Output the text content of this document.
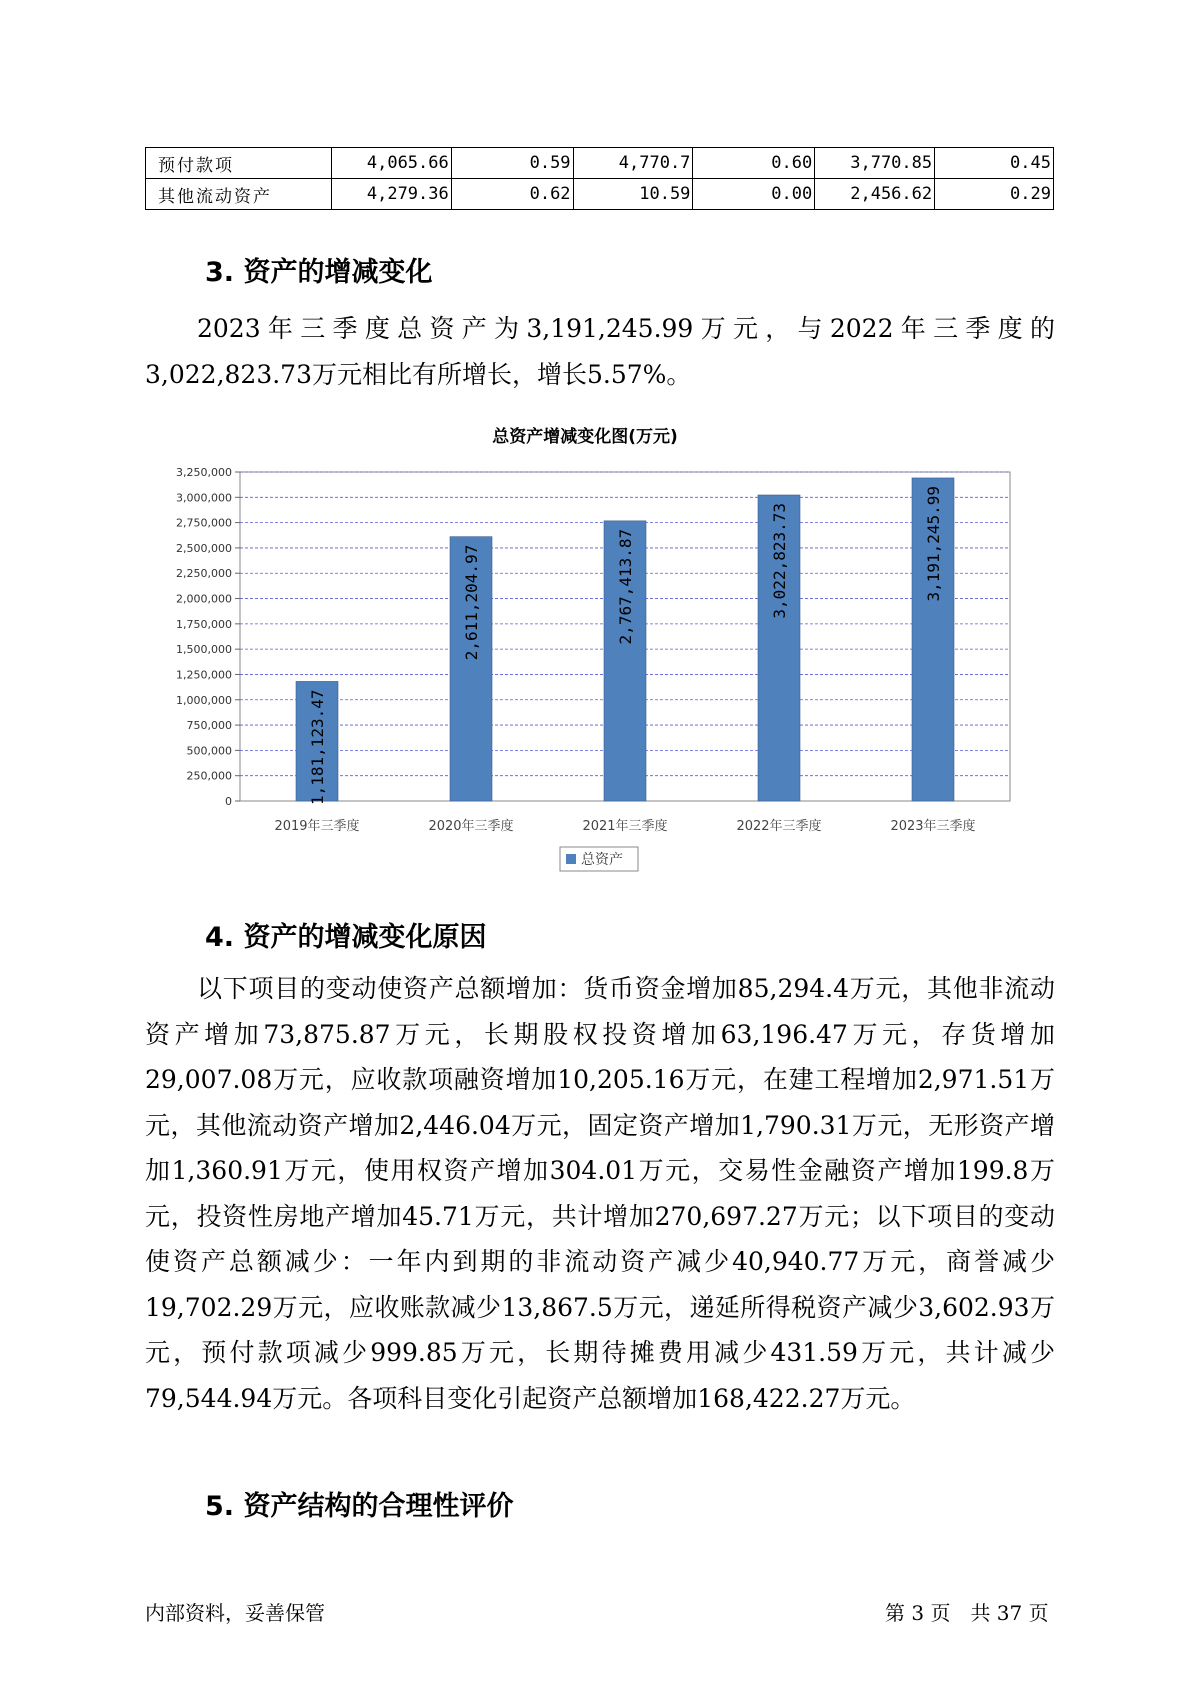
预付款项	4,065.66	0.59	4,770.7	0.60	3,770.85	0.45
其他流动资产	4,279.36	0.62	10.59	0.00	2,456.62	0.29
3. 资产的增减变化

2023年三季度总资产为3,191,245.99万元，与2022年三季度的3,022,823.73万元相比有所增长，增长5.57%。

总资产增减变化图(万元)
0
250,000
500,000
750,000
1,000,000
1,250,000
1,500,000
1,750,000
2,000,000
2,250,000
2,500,000
2,750,000
3,000,000
3,250,000
1,181,123.47
2019年三季度
2,611,204.97
2020年三季度
2,767,413.87
2021年三季度
3,022,823.73
2022年三季度
3,191,245.99
2023年三季度
总资产
4. 资产的增减变化原因

以下项目的变动使资产总额增加：货币资金增加85,294.4万元，其他非流动资产增加73,875.87万元，长期股权投资增加63,196.47万元，存货增加29,007.08万元，应收款项融资增加10,205.16万元，在建工程增加2,971.51万元，其他流动资产增加2,446.04万元，固定资产增加1,790.31万元，无形资产增加1,360.91万元，使用权资产增加304.01万元，交易性金融资产增加199.8万元，投资性房地产增加45.71万元，共计增加270,697.27万元；以下项目的变动使资产总额减少：一年内到期的非流动资产减少40,940.77万元，商誉减少19,702.29万元，应收账款减少13,867.5万元，递延所得税资产减少3,602.93万元，预付款项减少999.85万元，长期待摊费用减少431.59万元，共计减少79,544.94万元。各项科目变化引起资产总额增加168,422.27万元。

5. 资产结构的合理性评价
内部资料，妥善保管	第 3 页　共 37 页
